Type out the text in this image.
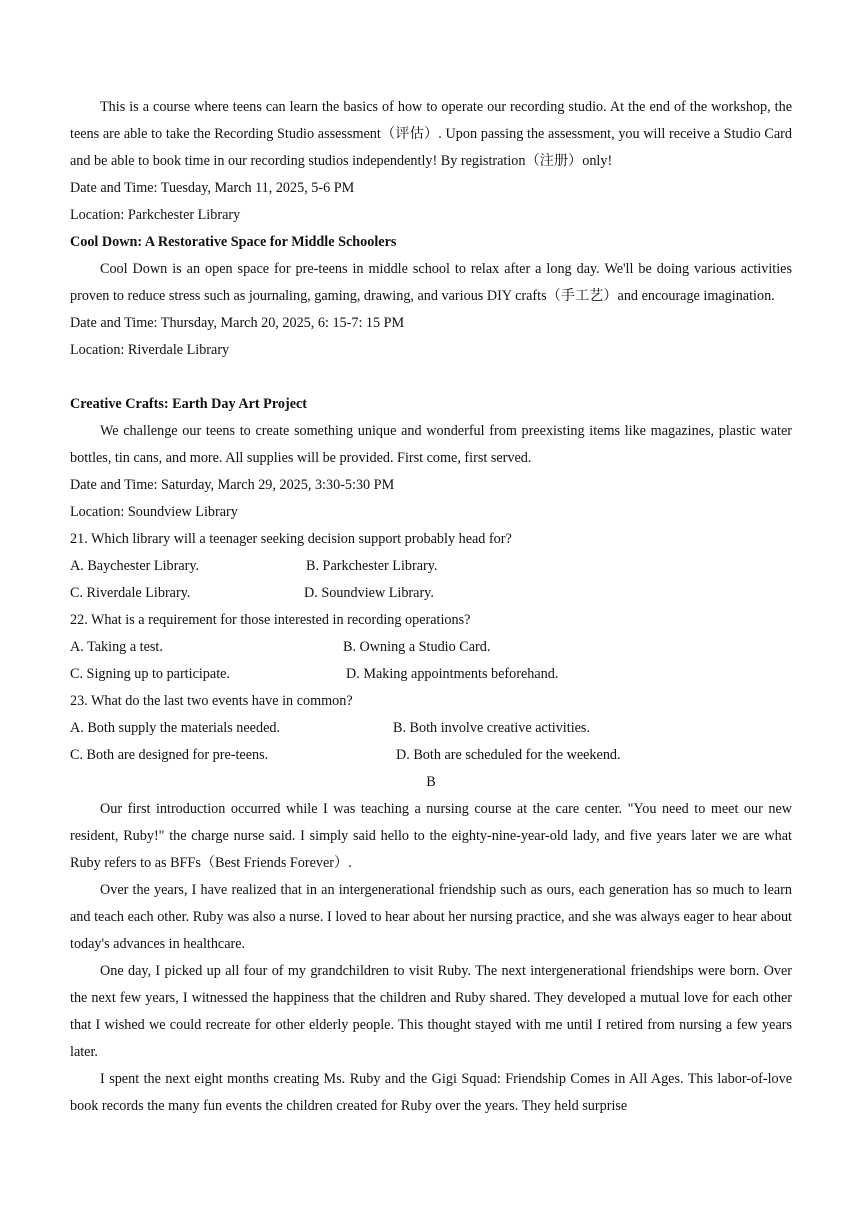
This is a course where teens can learn the basics of how to operate our recording studio. At the end of the workshop, the teens are able to take the Recording Studio assessment（评估）. Upon passing the assessment, you will receive a Studio Card and be able to book time in our recording studios independently! By registration（注册）only!

Date and Time: Tuesday, March 11, 2025, 5-6 PM

Location: Parkchester Library

Cool Down: A Restorative Space for Middle Schoolers

Cool Down is an open space for pre-teens in middle school to relax after a long day. We'll be doing various activities proven to reduce stress such as journaling, gaming, drawing, and various DIY crafts（手工艺）and encourage imagination.

Date and Time: Thursday, March 20, 2025, 6: 15-7: 15 PM

Location: Riverdale Library

Creative Crafts: Earth Day Art Project

We challenge our teens to create something unique and wonderful from preexisting items like magazines, plastic water bottles, tin cans, and more. All supplies will be provided. First come, first served.

Date and Time: Saturday, March 29, 2025, 3:30-5:30 PM

Location: Soundview Library

21. Which library will a teenager seeking decision support probably head for?

A. Baychester Library.	B. Parkchester Library.
C. Riverdale Library.	D. Soundview Library.

22. What is a requirement for those interested in recording operations?

A. Taking a test.	B. Owning a Studio Card.
C. Signing up to participate.	D. Making appointments beforehand.

23. What do the last two events have in common?

A. Both supply the materials needed.	B. Both involve creative activities.
C. Both are designed for pre-teens.	D. Both are scheduled for the weekend.

B

Our first introduction occurred while I was teaching a nursing course at the care center. "You need to meet our new resident, Ruby!" the charge nurse said. I simply said hello to the eighty-nine-year-old lady, and five years later we are what Ruby refers to as BFFs（Best Friends Forever）.

Over the years, I have realized that in an intergenerational friendship such as ours, each generation has so much to learn and teach each other. Ruby was also a nurse. I loved to hear about her nursing practice, and she was always eager to hear about today's advances in healthcare.

One day, I picked up all four of my grandchildren to visit Ruby. The next intergenerational friendships were born. Over the next few years, I witnessed the happiness that the children and Ruby shared. They developed a mutual love for each other that I wished we could recreate for other elderly people. This thought stayed with me until I retired from nursing a few years later.

I spent the next eight months creating Ms. Ruby and the Gigi Squad: Friendship Comes in All Ages. This labor-of-love book records the many fun events the children created for Ruby over the years. They held surprise
